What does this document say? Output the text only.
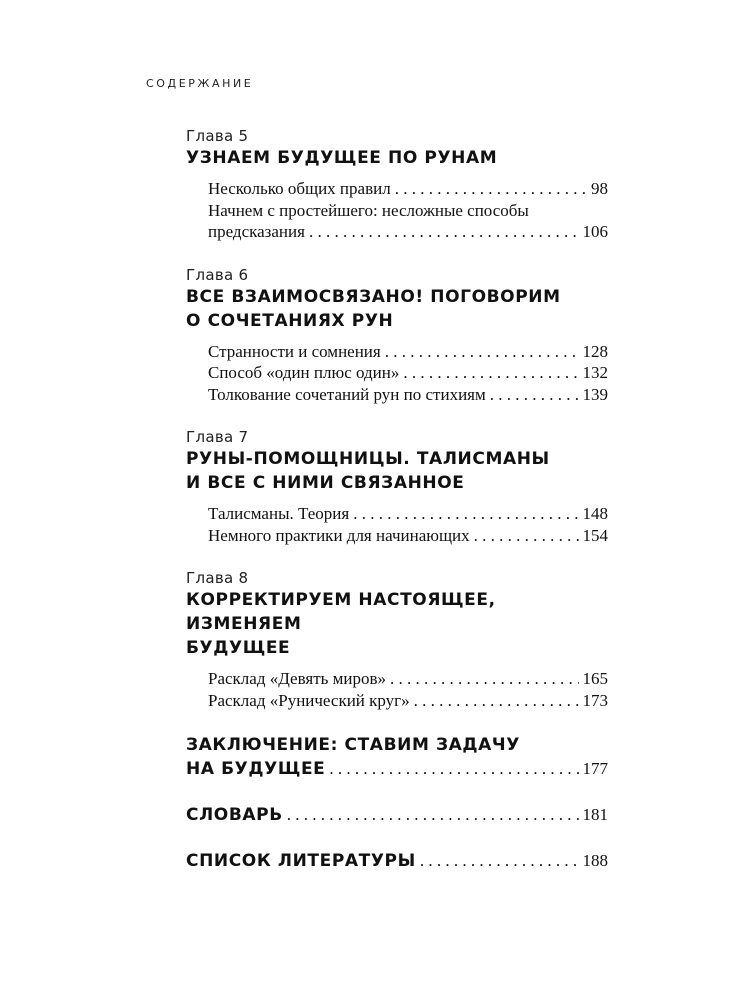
СОДЕРЖАНИЕ
Глава 5
УЗНАЕМ БУДУЩЕЕ ПО РУНАМ
Несколько общих правил . . .	98
Начнем с простейшего: несложные способы
предсказания . . .	106
Глава 6
ВСЕ ВЗАИМОСВЯЗАНО! ПОГОВОРИМ
О СОЧЕТАНИЯХ РУН
Странности и сомнения . . .	128
Способ «один плюс один» . . .	132
Толкование сочетаний рун по стихиям . . .	139
Глава 7
РУНЫ-ПОМОЩНИЦЫ. ТАЛИСМАНЫ
И ВСЕ С НИМИ СВЯЗАННОЕ
Талисманы. Теория . . .	148
Немного практики для начинающих . . .	154
Глава 8
КОРРЕКТИРУЕМ НАСТОЯЩЕЕ, ИЗМЕНЯЕМ
БУДУЩЕЕ
Расклад «Девять миров» . . .	165
Расклад «Рунический круг» . . .	173
ЗАКЛЮЧЕНИЕ: СТАВИМ ЗАДАЧУ
НА БУДУЩЕЕ . . .	177
СЛОВАРЬ . . .	181
СПИСОК ЛИТЕРАТУРЫ . . .	188
